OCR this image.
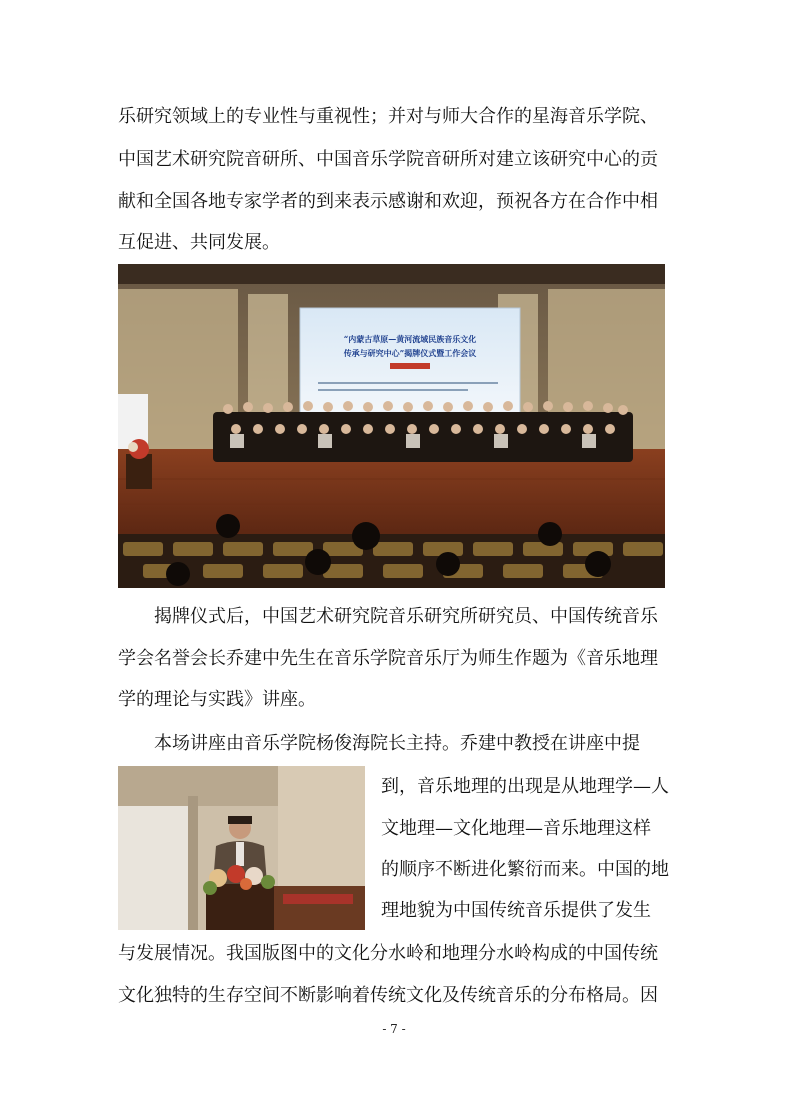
乐研究领域上的专业性与重视性；并对与师大合作的星海音乐学院、

中国艺术研究院音研所、中国音乐学院音研所对建立该研究中心的贡

献和全国各地专家学者的到来表示感谢和欢迎，预祝各方在合作中相

互促进、共同发展。

“内蒙古草原—黄河流域民族音乐文化
传承与研究中心”揭牌仪式暨工作会议

揭牌仪式后，中国艺术研究院音乐研究所研究员、中国传统音乐

学会名誉会长乔建中先生在音乐学院音乐厅为师生作题为《音乐地理

学的理论与实践》讲座。

本场讲座由音乐学院杨俊海院长主持。乔建中教授在讲座中提

到，音乐地理的出现是从地理学—人

文地理—文化地理—音乐地理这样

的顺序不断进化繁衍而来。中国的地

理地貌为中国传统音乐提供了发生

与发展情况。我国版图中的文化分水岭和地理分水岭构成的中国传统

文化独特的生存空间不断影响着传统文化及传统音乐的分布格局。因

- 7 -
